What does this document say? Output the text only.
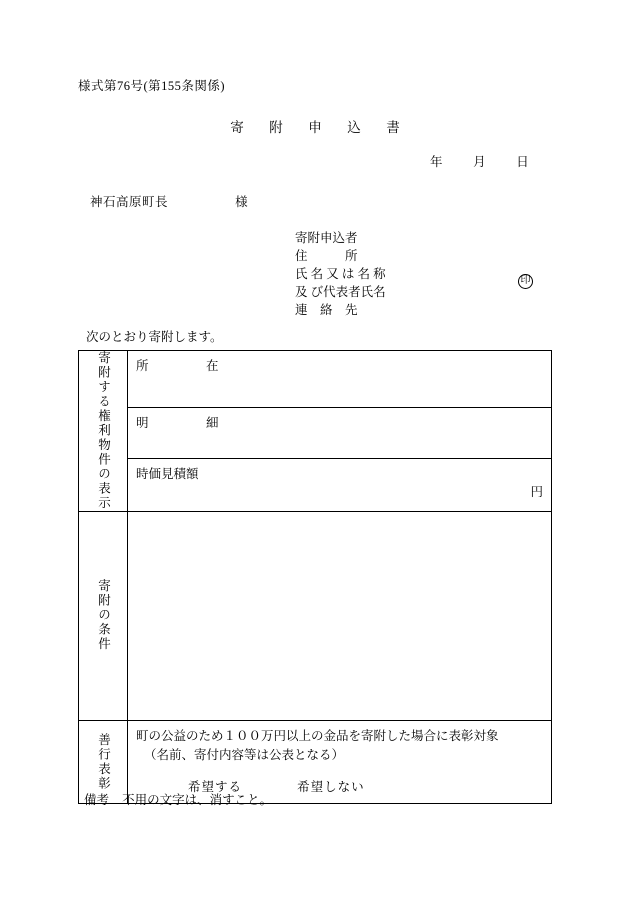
様式第76号(第155条関係)
寄　附　申　込　書
年 月 日
神石高原町長	様
寄附申込者
住　　　所
氏 名 又 は 名 称
及 び代表者氏名
連　絡　先
印
次のとおり寄附します。
寄附する権利物件の表示	所　　　在

	明　　　細

	時価見積額
円

寄附の条件	

善行表彰	町の公益のため１００万円以上の金品を寄附した場合に表彰対象
（名前、寄付内容等は公表となる）
希望する 希望しない
備考 不用の文字は、消すこと。
